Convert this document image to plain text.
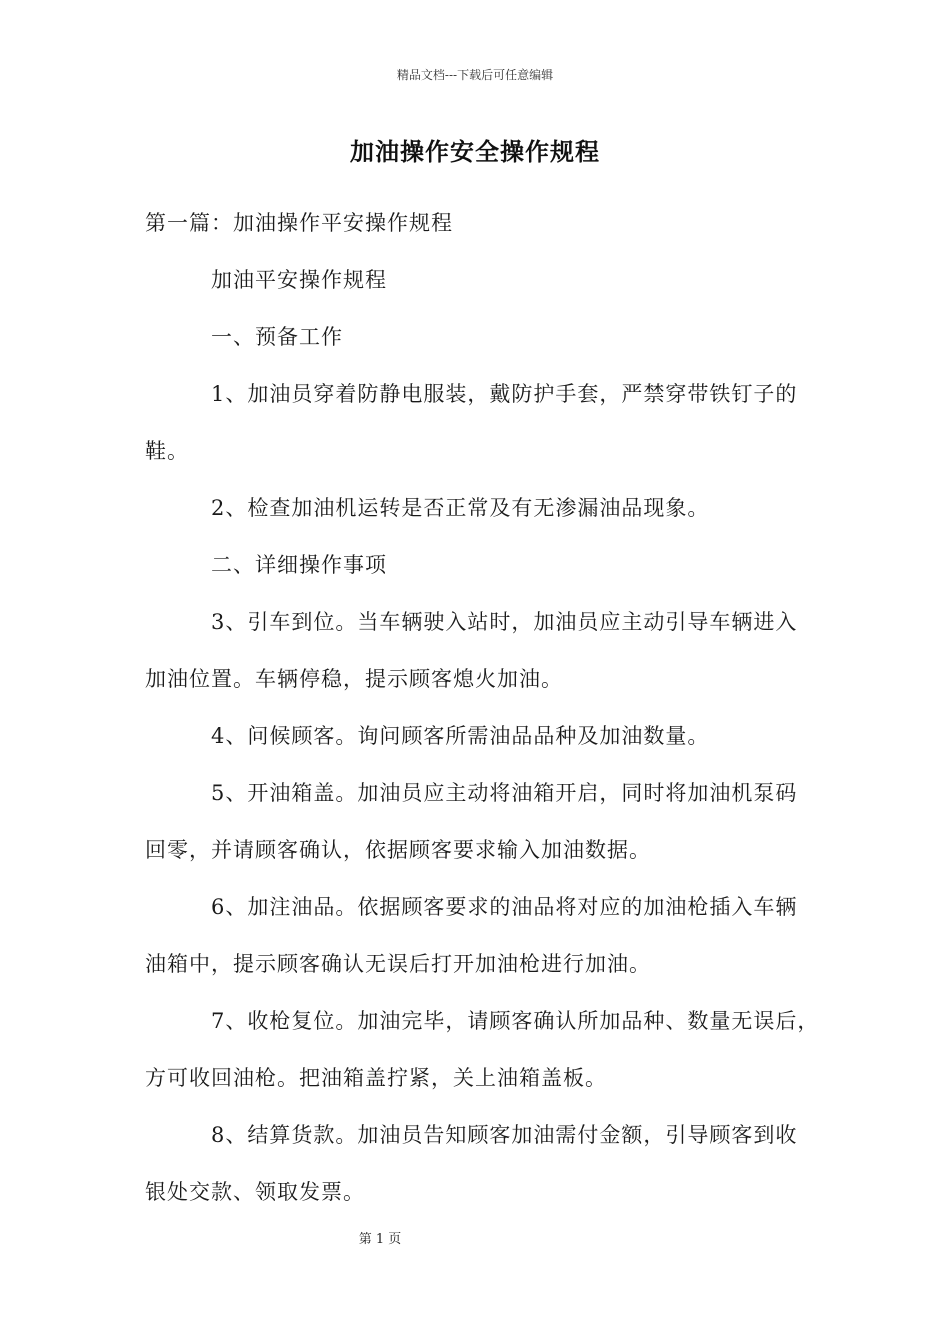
精品文档---下载后可任意编辑
加油操作安全操作规程
第一篇：加油操作平安操作规程
加油平安操作规程
一、预备工作
1、加油员穿着防静电服装，戴防护手套，严禁穿带铁钉子的
鞋。
2、检查加油机运转是否正常及有无渗漏油品现象。
二、详细操作事项
3、引车到位。当车辆驶入站时，加油员应主动引导车辆进入
加油位置。车辆停稳，提示顾客熄火加油。
4、问候顾客。询问顾客所需油品品种及加油数量。
5、开油箱盖。加油员应主动将油箱开启，同时将加油机泵码
回零，并请顾客确认，依据顾客要求输入加油数据。
6、加注油品。依据顾客要求的油品将对应的加油枪插入车辆
油箱中，提示顾客确认无误后打开加油枪进行加油。
7、收枪复位。加油完毕，请顾客确认所加品种、数量无误后，
方可收回油枪。把油箱盖拧紧，关上油箱盖板。
8、结算货款。加油员告知顾客加油需付金额，引导顾客到收
银处交款、领取发票。
第 1 页
